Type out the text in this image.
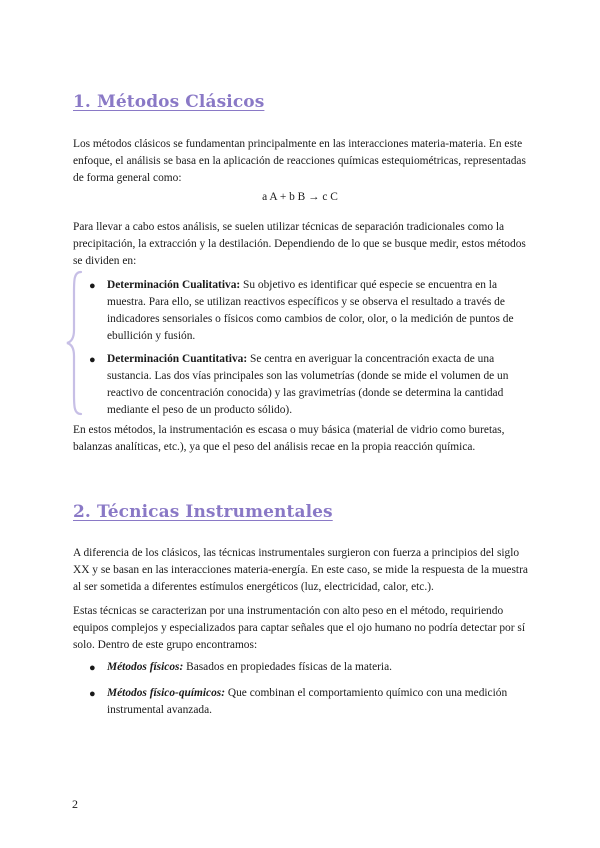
1. Métodos Clásicos

Los métodos clásicos se fundamentan principalmente en las interacciones materia-materia. En este enfoque, el análisis se basa en la aplicación de reacciones químicas estequiométricas, representadas de forma general como:

a A + b B → c C

Para llevar a cabo estos análisis, se suelen utilizar técnicas de separación tradicionales como la precipitación, la extracción y la destilación. Dependiendo de lo que se busque medir, estos métodos se dividen en:

● Determinación Cualitativa: Su objetivo es identificar qué especie se encuentra en la muestra. Para ello, se utilizan reactivos específicos y se observa el resultado a través de indicadores sensoriales o físicos como cambios de color, olor, o la medición de puntos de ebullición y fusión.
● Determinación Cuantitativa: Se centra en averiguar la concentración exacta de una sustancia. Las dos vías principales son las volumetrías (donde se mide el volumen de un reactivo de concentración conocida) y las gravimetrías (donde se determina la cantidad mediante el peso de un producto sólido).

En estos métodos, la instrumentación es escasa o muy básica (material de vidrio como buretas, balanzas analíticas, etc.), ya que el peso del análisis recae en la propia reacción química.

2. Técnicas Instrumentales

A diferencia de los clásicos, las técnicas instrumentales surgieron con fuerza a principios del siglo XX y se basan en las interacciones materia-energía. En este caso, se mide la respuesta de la muestra al ser sometida a diferentes estímulos energéticos (luz, electricidad, calor, etc.).

Estas técnicas se caracterizan por una instrumentación con alto peso en el método, requiriendo equipos complejos y especializados para captar señales que el ojo humano no podría detectar por sí solo. Dentro de este grupo encontramos:

● Métodos físicos: Basados en propiedades físicas de la materia.
● Métodos físico-químicos: Que combinan el comportamiento químico con una medición instrumental avanzada.

2
